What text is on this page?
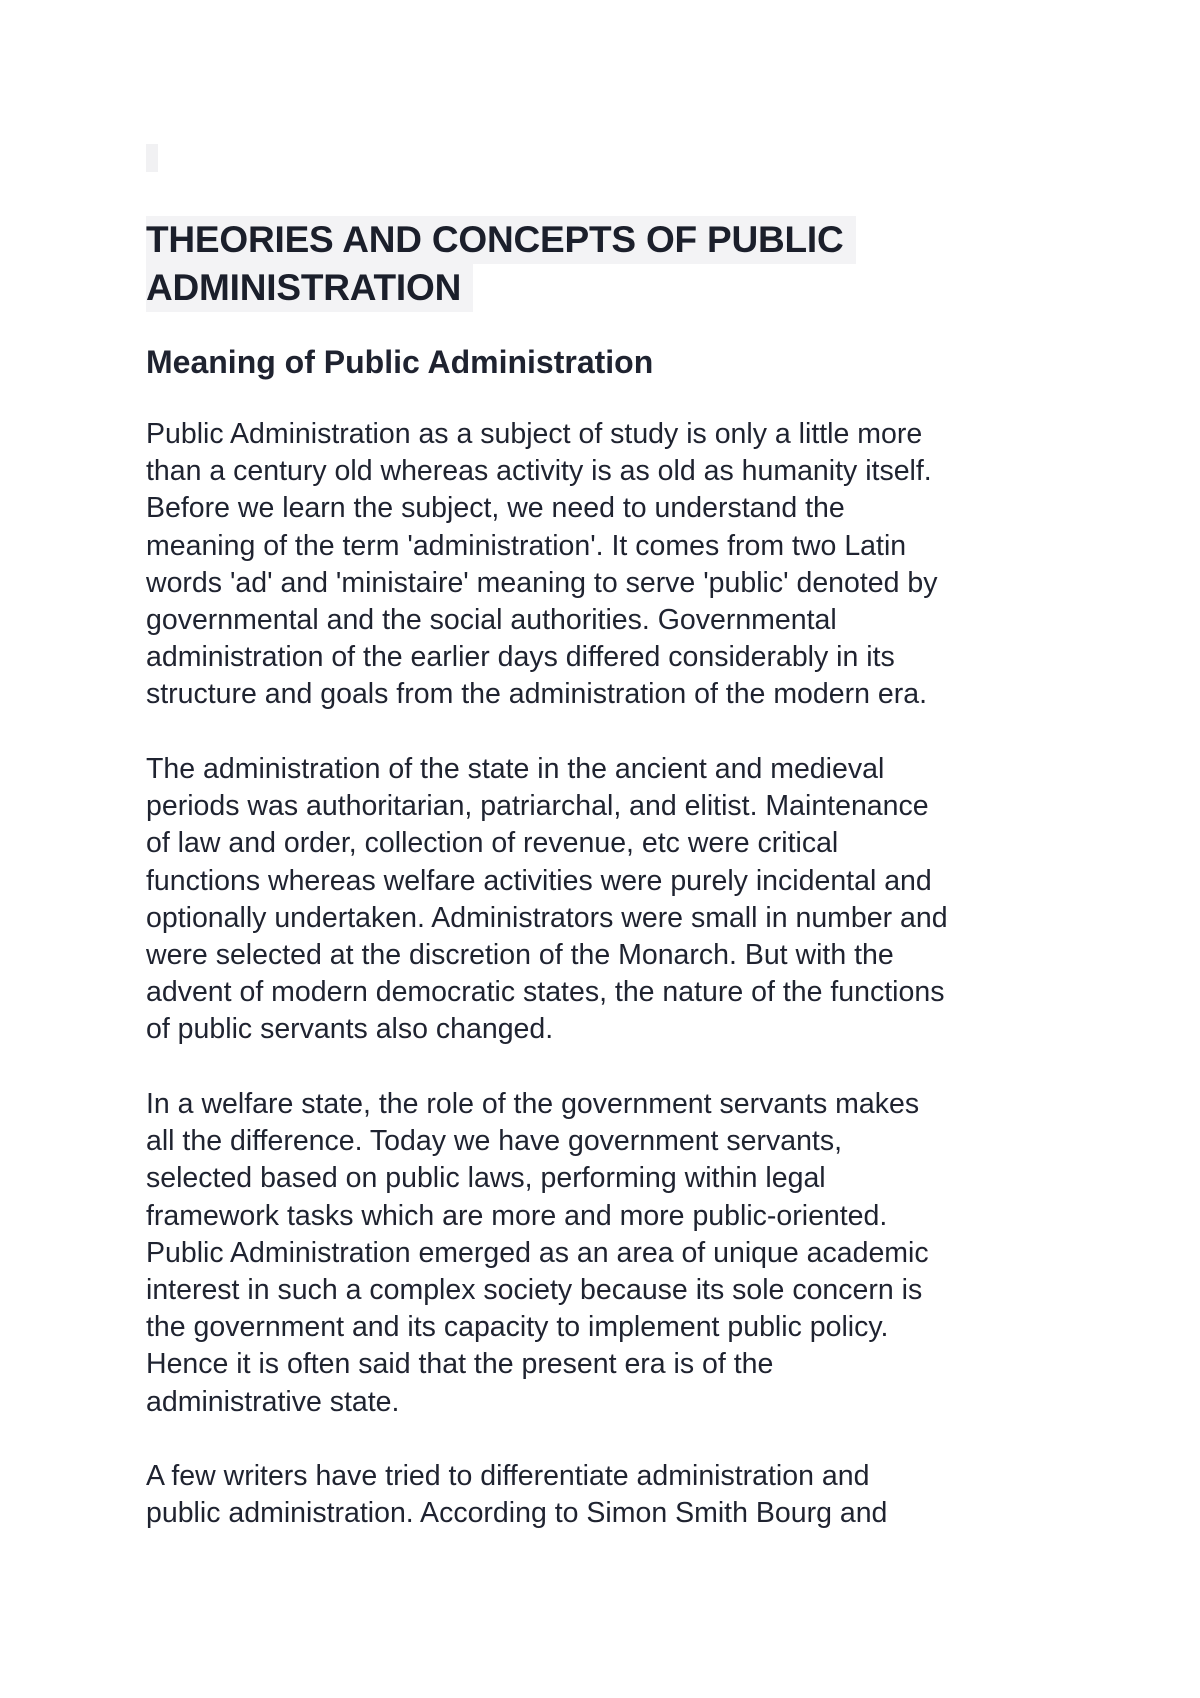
THEORIES AND CONCEPTS OF PUBLIC
ADMINISTRATION
Meaning of Public Administration
Public Administration as a subject of study is only a little more
than a century old whereas activity is as old as humanity itself.
Before we learn the subject, we need to understand the
meaning of the term 'administration'. It comes from two Latin
words 'ad' and 'ministaire' meaning to serve 'public' denoted by
governmental and the social authorities. Governmental
administration of the earlier days differed considerably in its
structure and goals from the administration of the modern era.
The administration of the state in the ancient and medieval
periods was authoritarian, patriarchal, and elitist. Maintenance
of law and order, collection of revenue, etc were critical
functions whereas welfare activities were purely incidental and
optionally undertaken. Administrators were small in number and
were selected at the discretion of the Monarch. But with the
advent of modern democratic states, the nature of the functions
of public servants also changed.
In a welfare state, the role of the government servants makes
all the difference. Today we have government servants,
selected based on public laws, performing within legal
framework tasks which are more and more public-oriented.
Public Administration emerged as an area of unique academic
interest in such a complex society because its sole concern is
the government and its capacity to implement public policy.
Hence it is often said that the present era is of the
administrative state.
A few writers have tried to differentiate administration and
public administration. According to Simon Smith Bourg and
